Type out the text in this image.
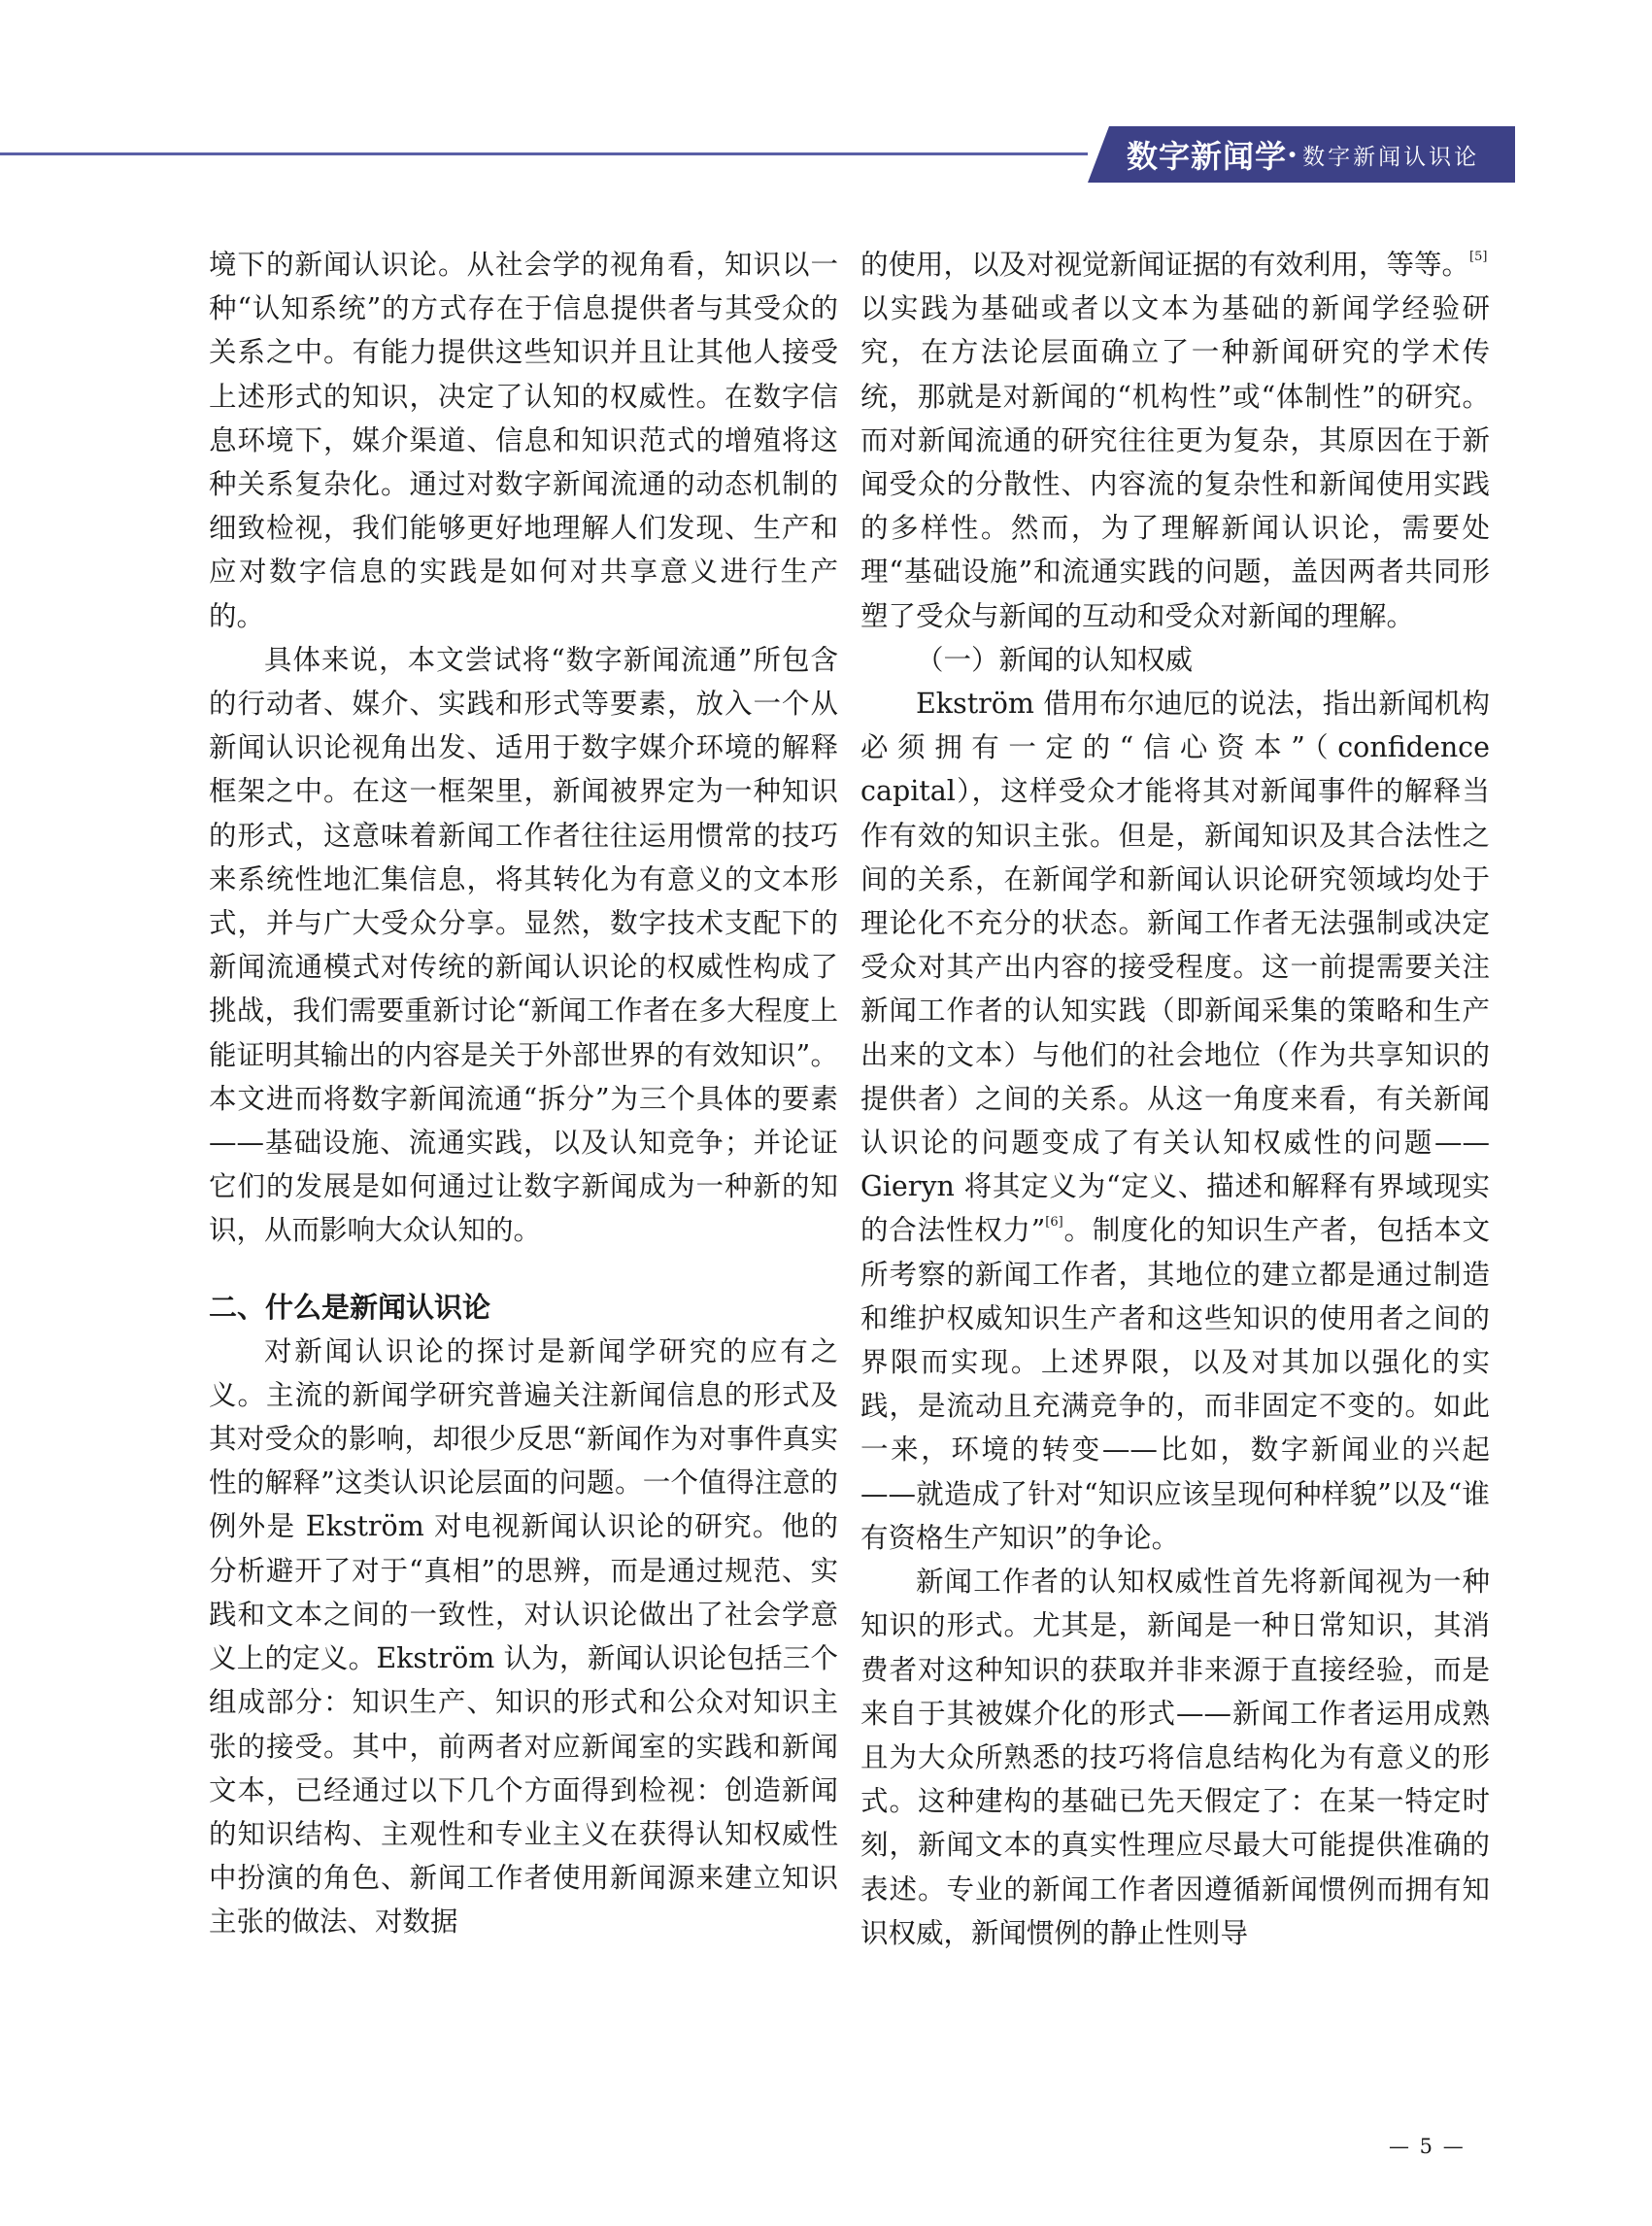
数字新闻学 · 数字新闻认识论

境下的新闻认识论。从社会学的视角看，知识以一种“认知系统”的方式存在于信息提供者与其受众的关系之中。有能力提供这些知识并且让其他人接受上述形式的知识，决定了认知的权威性。在数字信息环境下，媒介渠道、信息和知识范式的增殖将这种关系复杂化。通过对数字新闻流通的动态机制的细致检视，我们能够更好地理解人们发现、生产和应对数字信息的实践是如何对共享意义进行生产的。

具体来说，本文尝试将“数字新闻流通”所包含的行动者、媒介、实践和形式等要素，放入一个从新闻认识论视角出发、适用于数字媒介环境的解释框架之中。在这一框架里，新闻被界定为一种知识的形式，这意味着新闻工作者往往运用惯常的技巧来系统性地汇集信息，将其转化为有意义的文本形式，并与广大受众分享。显然，数字技术支配下的新闻流通模式对传统的新闻认识论的权威性构成了挑战，我们需要重新讨论“新闻工作者在多大程度上能证明其输出的内容是关于外部世界的有效知识”。本文进而将数字新闻流通“拆分”为三个具体的要素——基础设施、流通实践，以及认知竞争；并论证它们的发展是如何通过让数字新闻成为一种新的知识，从而影响大众认知的。

二、什么是新闻认识论

对新闻认识论的探讨是新闻学研究的应有之义。主流的新闻学研究普遍关注新闻信息的形式及其对受众的影响，却很少反思“新闻作为对事件真实性的解释”这类认识论层面的问题。一个值得注意的例外是 Ekström 对电视新闻认识论的研究。他的分析避开了对于“真相”的思辨，而是通过规范、实践和文本之间的一致性，对认识论做出了社会学意义上的定义。Ekström 认为，新闻认识论包括三个组成部分：知识生产、知识的形式和公众对知识主张的接受。其中，前两者对应新闻室的实践和新闻文本，已经通过以下几个方面得到检视：创造新闻的知识结构、主观性和专业主义在获得认知权威性中扮演的角色、新闻工作者使用新闻源来建立知识主张的做法、对数据

的使用，以及对视觉新闻证据的有效利用，等等。[5]

以实践为基础或者以文本为基础的新闻学经验研究，在方法论层面确立了一种新闻研究的学术传统，那就是对新闻的“机构性”或“体制性”的研究。而对新闻流通的研究往往更为复杂，其原因在于新闻受众的分散性、内容流的复杂性和新闻使用实践的多样性。然而，为了理解新闻认识论，需要处理“基础设施”和流通实践的问题，盖因两者共同形塑了受众与新闻的互动和受众对新闻的理解。

（一）新闻的认知权威

Ekström 借用布尔迪厄的说法，指出新闻机构必须拥有一定的“信心资本”（confidence capital），这样受众才能将其对新闻事件的解释当作有效的知识主张。但是，新闻知识及其合法性之间的关系，在新闻学和新闻认识论研究领域均处于理论化不充分的状态。新闻工作者无法强制或决定受众对其产出内容的接受程度。这一前提需要关注新闻工作者的认知实践（即新闻采集的策略和生产出来的文本）与他们的社会地位（作为共享知识的提供者）之间的关系。从这一角度来看，有关新闻认识论的问题变成了有关认知权威性的问题——Gieryn 将其定义为“定义、描述和解释有界域现实的合法性权力”[6]。制度化的知识生产者，包括本文所考察的新闻工作者，其地位的建立都是通过制造和维护权威知识生产者和这些知识的使用者之间的界限而实现。上述界限，以及对其加以强化的实践，是流动且充满竞争的，而非固定不变的。如此一来，环境的转变——比如，数字新闻业的兴起——就造成了针对“知识应该呈现何种样貌”以及“谁有资格生产知识”的争论。

新闻工作者的认知权威性首先将新闻视为一种知识的形式。尤其是，新闻是一种日常知识，其消费者对这种知识的获取并非来源于直接经验，而是来自于其被媒介化的形式——新闻工作者运用成熟且为大众所熟悉的技巧将信息结构化为有意义的形式。这种建构的基础已先天假定了：在某一特定时刻，新闻文本的真实性理应尽最大可能提供准确的表述。专业的新闻工作者因遵循新闻惯例而拥有知识权威，新闻惯例的静止性则导

— 5 —
